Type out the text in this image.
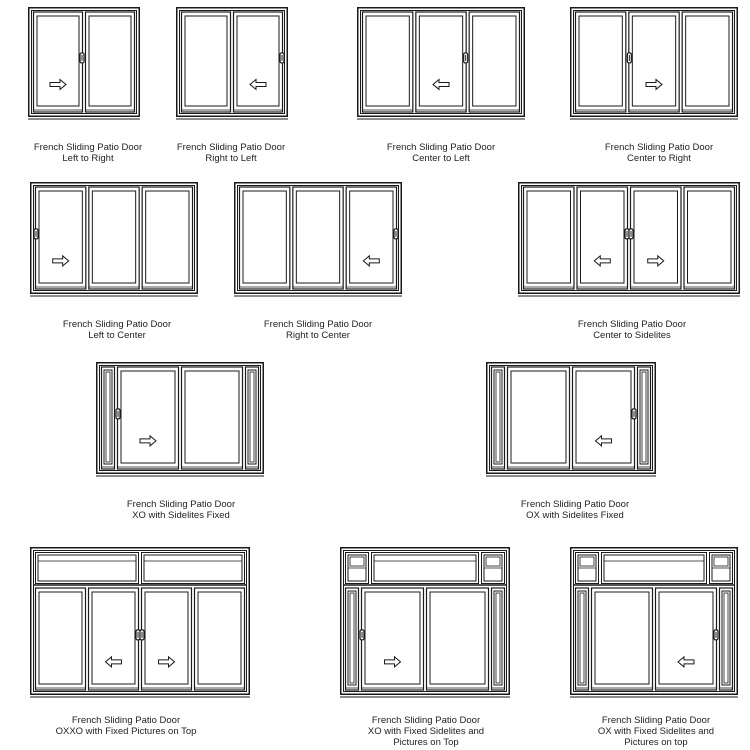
French Sliding Patio Door
Left to Right
French Sliding Patio Door
Right to Left
French Sliding Patio Door
Center to Left
French Sliding Patio Door
Center to Right
French Sliding Patio Door
Left to Center
French Sliding Patio Door
Right to Center
French Sliding Patio Door
Center to Sidelites
French Sliding Patio Door
XO with Sidelites Fixed
French Sliding Patio Door
OX with Sidelites Fixed
French Sliding Patio Door
OXXO with Fixed Pictures on Top
French Sliding Patio Door
XO with Fixed Sidelites and
Pictures on Top
French Sliding Patio Door
OX with Fixed Sidelites and
Pictures on top
